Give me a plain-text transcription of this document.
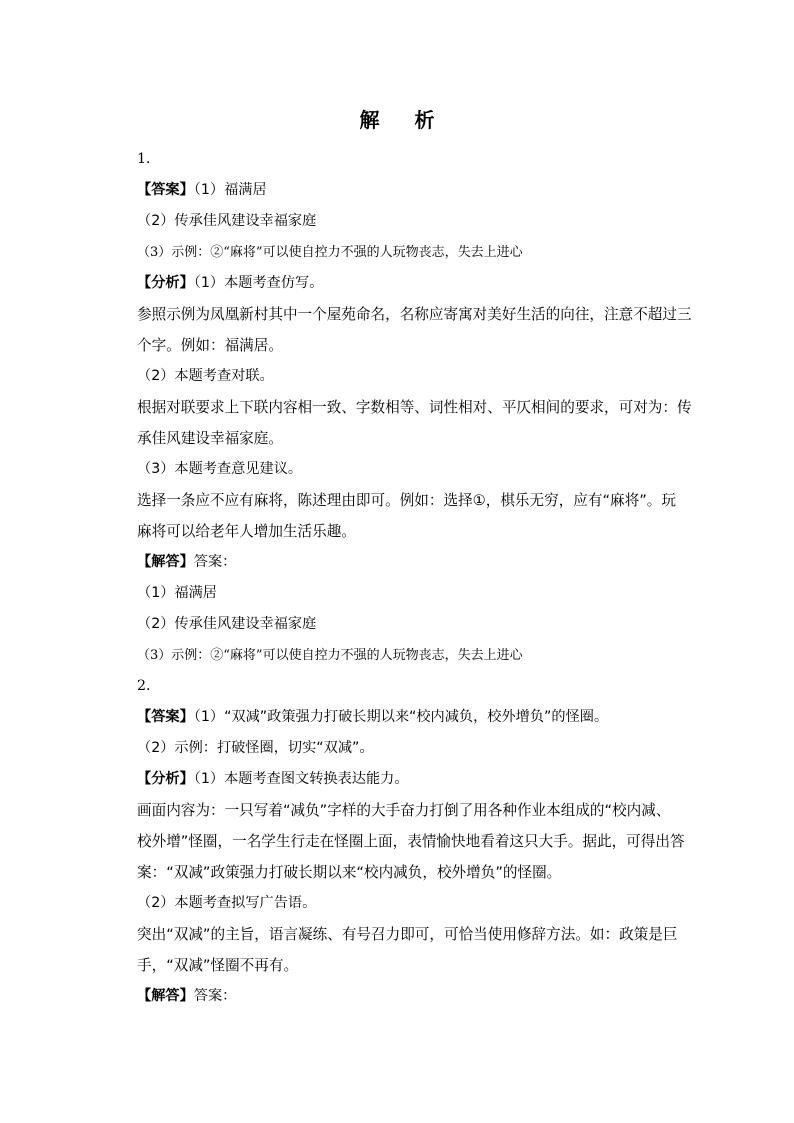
解 析
1．
【答案】（1）福满居
（2）传承佳风建设幸福家庭
（3）示例：②“麻将”可以使自控力不强的人玩物丧志，失去上进心
【分析】（1）本题考查仿写。
参照示例为凤凰新村其中一个屋苑命名，名称应寄寓对美好生活的向往，注意不超过三
个字。例如：福满居。
（2）本题考查对联。
根据对联要求上下联内容相一致、字数相等、词性相对、平仄相间的要求，可对为：传
承佳风建设幸福家庭。
（3）本题考查意见建议。
选择一条应不应有麻将，陈述理由即可。例如：选择①，棋乐无穷，应有“麻将”。玩
麻将可以给老年人增加生活乐趣。
【解答】答案：
（1）福满居
（2）传承佳风建设幸福家庭
（3）示例：②“麻将”可以使自控力不强的人玩物丧志，失去上进心
2．
【答案】（1）“双减”政策强力打破长期以来“校内减负，校外增负”的怪圈。
（2）示例：打破怪圈，切实“双减”。
【分析】（1）本题考查图文转换表达能力。
画面内容为：一只写着“减负”字样的大手奋力打倒了用各种作业本组成的“校内减、
校外增”怪圈，一名学生行走在怪圈上面，表情愉快地看着这只大手。据此，可得出答
案：“双减”政策强力打破长期以来“校内减负，校外增负”的怪圈。
（2）本题考查拟写广告语。
突出“双减”的主旨，语言凝练、有号召力即可，可恰当使用修辞方法。如：政策是巨
手，“双减”怪圈不再有。
【解答】答案：
